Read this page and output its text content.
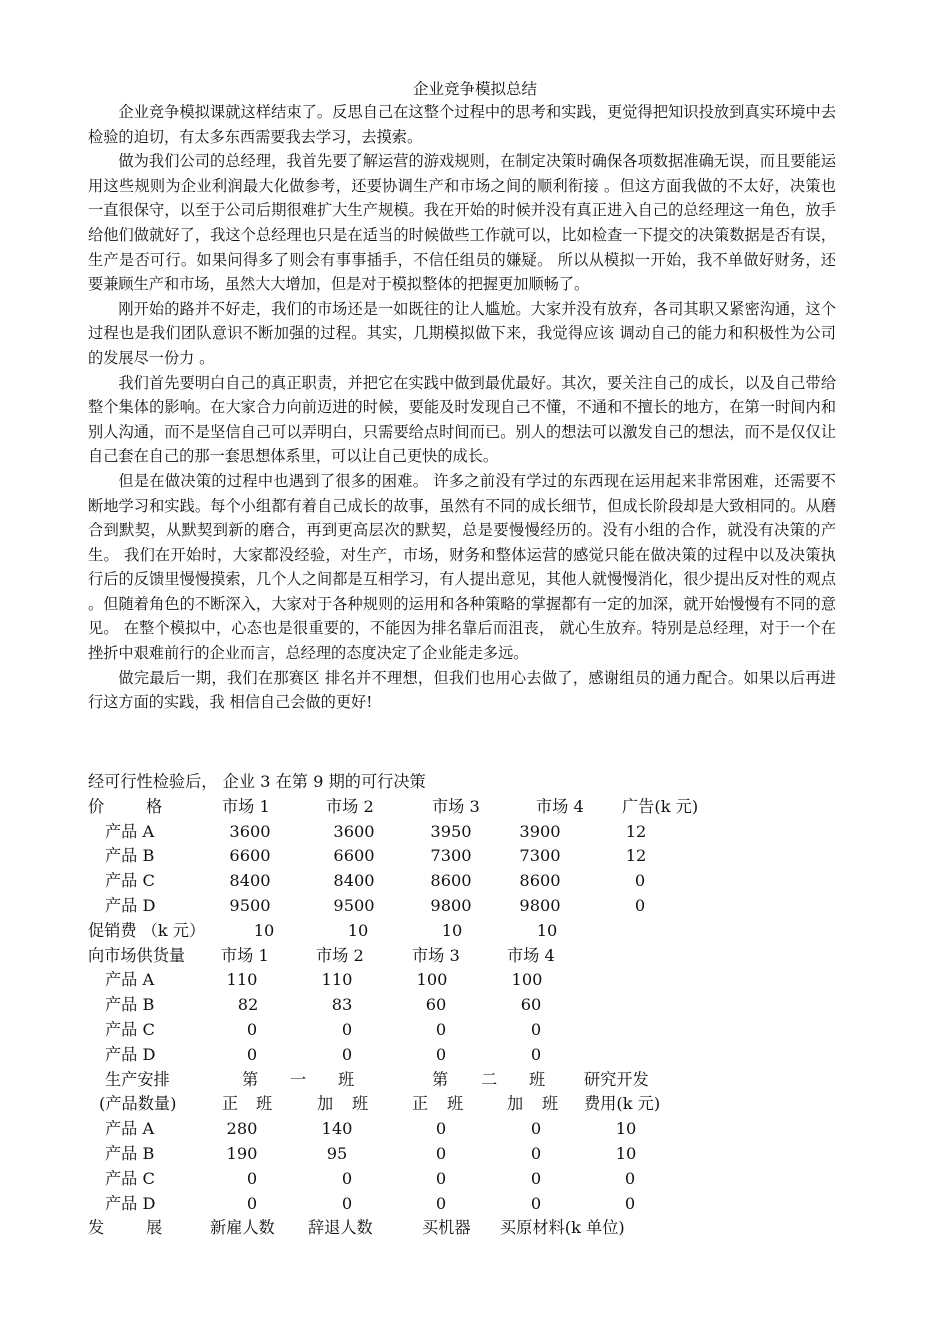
企业竞争模拟总结

企业竞争模拟课就这样结束了。反思自己在这整个过程中的思考和实践，更觉得把知识投放到真实环境中去检验的迫切，有太多东西需要我去学习，去摸索。

做为我们公司的总经理，我首先要了解运营的游戏规则，在制定决策时确保各项数据准确无误，而且要能运用这些规则为企业利润最大化做参考，还要协调生产和市场之间的顺利衔接 。但这方面我做的不太好，决策也一直很保守，以至于公司后期很难扩大生产规模。我在开始的时候并没有真正进入自己的总经理这一角色，放手给他们做就好了，我这个总经理也只是在适当的时候做些工作就可以，比如检查一下提交的决策数据是否有误，生产是否可行。如果问得多了则会有事事插手，不信任组员的嫌疑。 所以从模拟一开始，我不单做好财务，还要兼顾生产和市场，虽然大大增加，但是对于模拟整体的把握更加顺畅了。

刚开始的路并不好走，我们的市场还是一如既往的让人尴尬。大家并没有放弃，各司其职又紧密沟通，这个过程也是我们团队意识不断加强的过程。其实，几期模拟做下来，我觉得应该 调动自己的能力和积极性为公司的发展尽一份力 。

我们首先要明白自己的真正职责，并把它在实践中做到最优最好。其次，要关注自己的成长，以及自己带给整个集体的影响。在大家合力向前迈进的时候，要能及时发现自己不懂，不通和不擅长的地方，在第一时间内和别人沟通，而不是坚信自己可以弄明白，只需要给点时间而已。别人的想法可以激发自己的想法，而不是仅仅让自己套在自己的那一套思想体系里，可以让自己更快的成长。

但是在做决策的过程中也遇到了很多的困难。 许多之前没有学过的东西现在运用起来非常困难，还需要不断地学习和实践。每个小组都有着自己成长的故事，虽然有不同的成长细节，但成长阶段却是大致相同的。从磨合到默契，从默契到新的磨合，再到更高层次的默契，总是要慢慢经历的。没有小组的合作，就没有决策的产生。 我们在开始时，大家都没经验，对生产，市场，财务和整体运营的感觉只能在做决策的过程中以及决策执行后的反馈里慢慢摸索，几个人之间都是互相学习，有人提出意见，其他人就慢慢消化，很少提出反对性的观点 。但随着角色的不断深入，大家对于各种规则的运用和各种策略的掌握都有一定的加深，就开始慢慢有不同的意见。 在整个模拟中，心态也是很重要的，不能因为排名靠后而沮丧， 就心生放弃。特别是总经理，对于一个在挫折中艰难前行的企业而言，总经理的态度决定了企业能走多远。

做完最后一期，我们在那赛区 排名并不理想，但我们也用心去做了，感谢组员的通力配合。如果以后再进行这方面的实践，我 相信自己会做的更好!

经可行性检验后， 企业 3 在第 9 期的可行决策
价	格	市场 1	市场 2	市场 3	市场 4 广告(k 元)
产品 A	3600	3600	3950	3900	12
产品 B	6600	6600	7300	7300	12
产品 C	8400	8400	8600	8600	0
产品 D	9500	9500	9800	9800	0
促销费 （k 元）	10	10	10	10
向市场供货量 市场 1	市场 2	市场 3	市场 4
产品 A	110	110	100	100
产品 B	82	83	60	60
产品 C	0	0	0	0
产品 D	0	0	0	0
生产安排	第 一 班	第 二 班 研究开发
(产品数量)	正 班	加 班	正 班	加 班 费用(k 元)
产品 A	280	140	0	0	10
产品 B	190	95	0	0	10
产品 C	0	0	0	0	0
产品 D	0	0	0	0	0
发	展	新雇人数 辞退人数	买机器 买原材料(k 单位)
